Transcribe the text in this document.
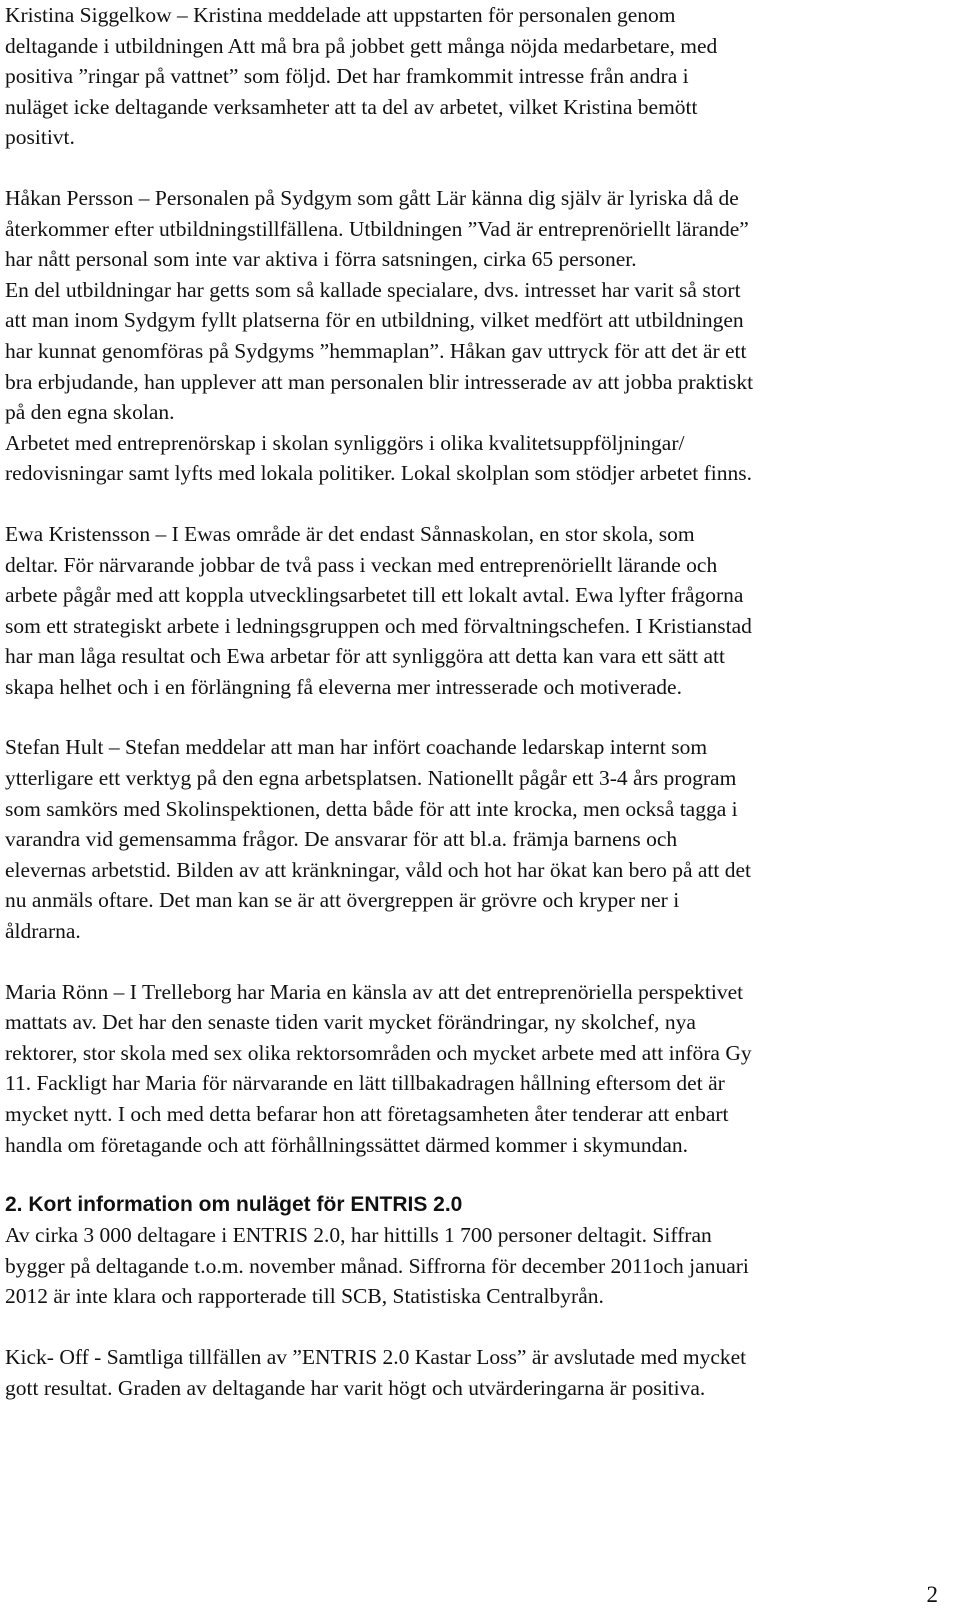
Kristina Siggelkow – Kristina meddelade att uppstarten för personalen genom
deltagande i utbildningen Att må bra på jobbet gett många nöjda medarbetare, med
positiva ”ringar på vattnet” som följd. Det har framkommit intresse från andra i
nuläget icke deltagande verksamheter att ta del av arbetet, vilket Kristina bemött
positivt.

Håkan Persson – Personalen på Sydgym som gått Lär känna dig själv är lyriska då de
återkommer efter utbildningstillfällena. Utbildningen ”Vad är entreprenöriellt lärande”
har nått personal som inte var aktiva i förra satsningen, cirka 65 personer.
En del utbildningar har getts som så kallade specialare, dvs. intresset har varit så stort
att man inom Sydgym fyllt platserna för en utbildning, vilket medfört att utbildningen
har kunnat genomföras på Sydgyms ”hemmaplan”. Håkan gav uttryck för att det är ett
bra erbjudande, han upplever att man personalen blir intresserade av att jobba praktiskt
på den egna skolan.
Arbetet med entreprenörskap i skolan synliggörs i olika kvalitetsuppföljningar/
redovisningar samt lyfts med lokala politiker. Lokal skolplan som stödjer arbetet finns.

Ewa Kristensson – I Ewas område är det endast Sånnaskolan, en stor skola, som
deltar. För närvarande jobbar de två pass i veckan med entreprenöriellt lärande och
arbete pågår med att koppla utvecklingsarbetet till ett lokalt avtal. Ewa lyfter frågorna
som ett strategiskt arbete i ledningsgruppen och med förvaltningschefen. I Kristianstad
har man låga resultat och Ewa arbetar för att synliggöra att detta kan vara ett sätt att
skapa helhet och i en förlängning få eleverna mer intresserade och motiverade.

Stefan Hult – Stefan meddelar att man har infört coachande ledarskap internt som
ytterligare ett verktyg på den egna arbetsplatsen. Nationellt pågår ett 3-4 års program
som samkörs med Skolinspektionen, detta både för att inte krocka, men också tagga i
varandra vid gemensamma frågor. De ansvarar för att bl.a. främja barnens och
elevernas arbetstid. Bilden av att kränkningar, våld och hot har ökat kan bero på att det
nu anmäls oftare. Det man kan se är att övergreppen är grövre och kryper ner i
åldrarna.

Maria Rönn – I Trelleborg har Maria en känsla av att det entreprenöriella perspektivet
mattats av. Det har den senaste tiden varit mycket förändringar, ny skolchef, nya
rektorer, stor skola med sex olika rektorsområden och mycket arbete med att införa Gy
11. Fackligt har Maria för närvarande en lätt tillbakadragen hållning eftersom det är
mycket nytt. I och med detta befarar hon att företagsamheten åter tenderar att enbart
handla om företagande och att förhållningssättet därmed kommer i skymundan.

2. Kort information om nuläget för ENTRIS 2.0

Av cirka 3 000 deltagare i ENTRIS 2.0, har hittills 1 700 personer deltagit. Siffran
bygger på deltagande t.o.m. november månad. Siffrorna för december 2011och januari
2012 är inte klara och rapporterade till SCB, Statistiska Centralbyrån.

Kick- Off - Samtliga tillfällen av ”ENTRIS 2.0 Kastar Loss” är avslutade med mycket
gott resultat. Graden av deltagande har varit högt och utvärderingarna är positiva.

2
